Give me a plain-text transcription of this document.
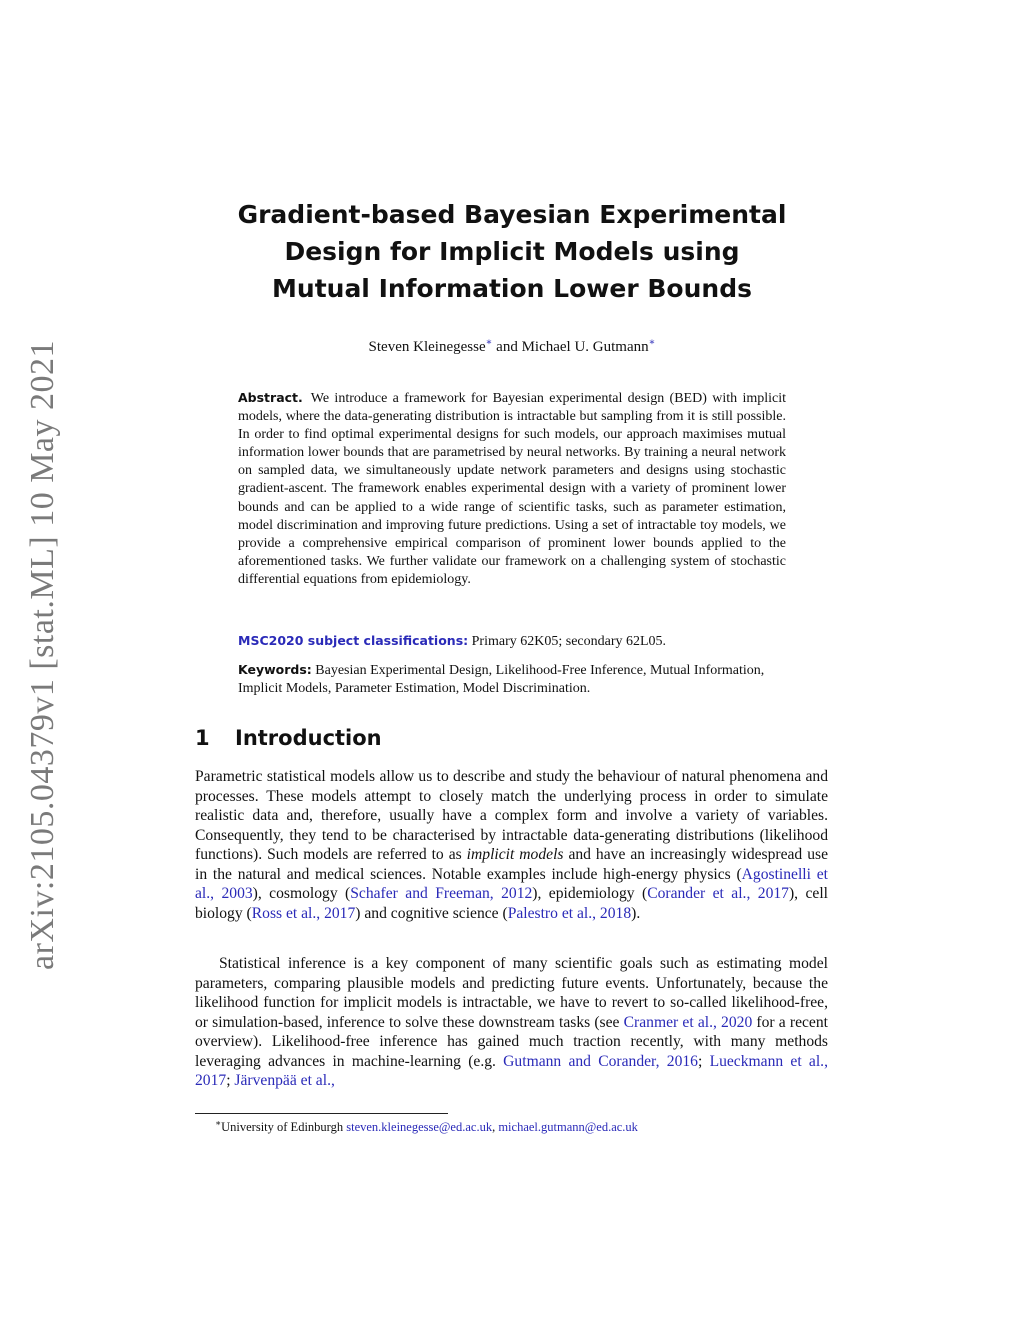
arXiv:2105.04379v1 [stat.ML] 10 May 2021
Gradient-based Bayesian Experimental
Design for Implicit Models using
Mutual Information Lower Bounds
Steven Kleinegesse∗ and Michael U. Gutmann∗
Abstract. We introduce a framework for Bayesian experimental design (BED) with implicit models, where the data-generating distribution is intractable but sampling from it is still possible. In order to find optimal experimental designs for such models, our approach maximises mutual information lower bounds that are parametrised by neural networks. By training a neural network on sampled data, we simultaneously update network parameters and designs using stochastic gradient-ascent. The framework enables experimental design with a variety of prominent lower bounds and can be applied to a wide range of scientific tasks, such as parameter estimation, model discrimination and improving future predictions. Using a set of intractable toy models, we provide a comprehensive empirical comparison of prominent lower bounds applied to the aforementioned tasks. We further validate our framework on a challenging system of stochastic differential equations from epidemiology.
MSC2020 subject classifications: Primary 62K05; secondary 62L05.
Keywords: Bayesian Experimental Design, Likelihood-Free Inference, Mutual Information, Implicit Models, Parameter Estimation, Model Discrimination.
1 Introduction
Parametric statistical models allow us to describe and study the behaviour of natural phenomena and processes. These models attempt to closely match the underlying process in order to simulate realistic data and, therefore, usually have a complex form and involve a variety of variables. Consequently, they tend to be characterised by intractable data-generating distributions (likelihood functions). Such models are referred to as implicit models and have an increasingly widespread use in the natural and medical sciences. Notable examples include high-energy physics (Agostinelli et al., 2003), cosmology (Schafer and Freeman, 2012), epidemiology (Corander et al., 2017), cell biology (Ross et al., 2017) and cognitive science (Palestro et al., 2018).
Statistical inference is a key component of many scientific goals such as estimating model parameters, comparing plausible models and predicting future events. Unfortunately, because the likelihood function for implicit models is intractable, we have to revert to so-called likelihood-free, or simulation-based, inference to solve these downstream tasks (see Cranmer et al., 2020 for a recent overview). Likelihood-free inference has gained much traction recently, with many methods leveraging advances in machine-learning (e.g. Gutmann and Corander, 2016; Lueckmann et al., 2017; Järvenpää et al.,
∗University of Edinburgh steven.kleinegesse@ed.ac.uk, michael.gutmann@ed.ac.uk
